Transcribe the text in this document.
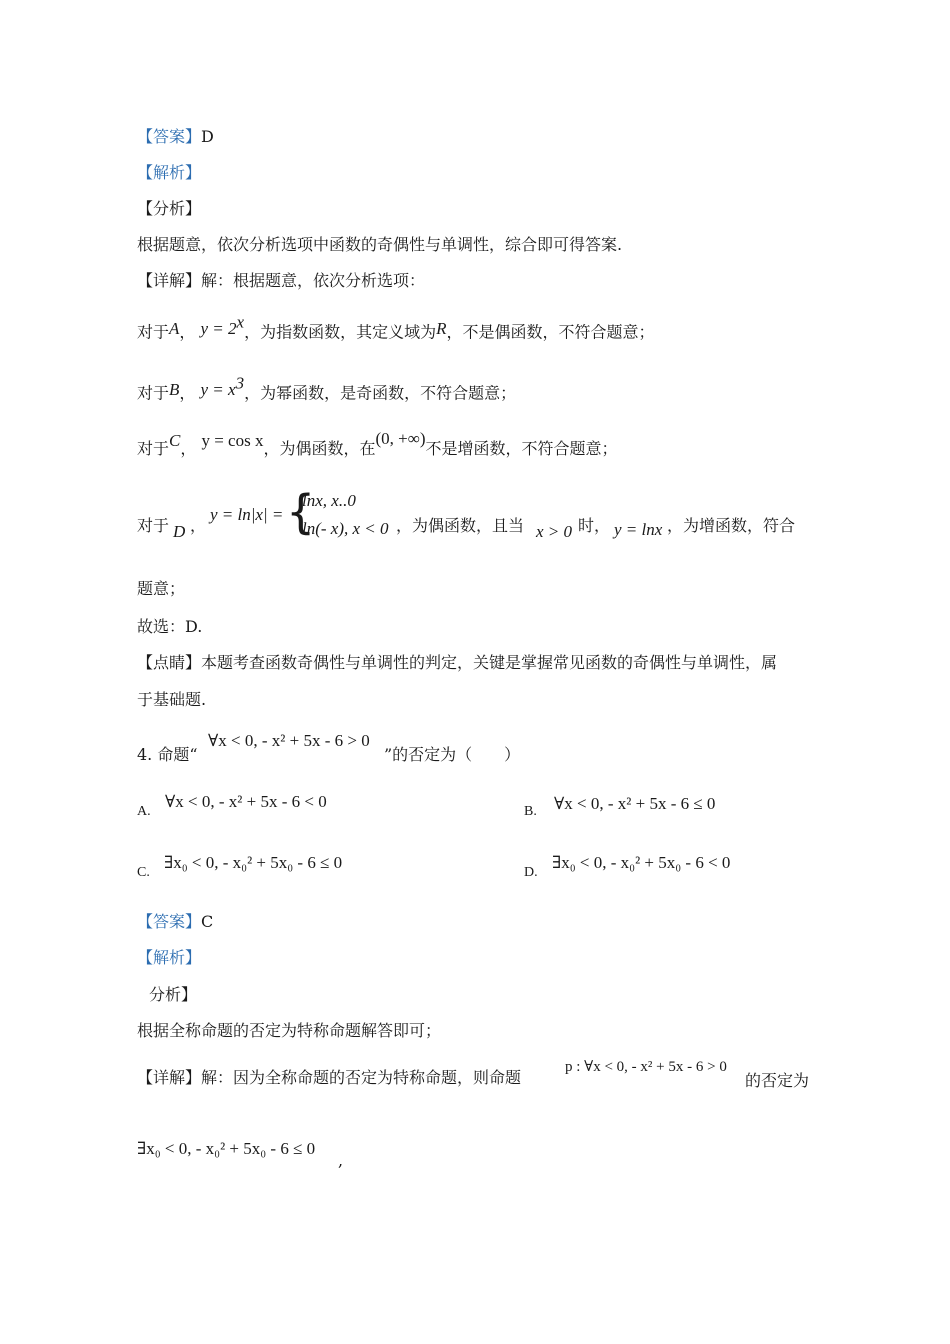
【答案】D
【解析】
【分析】
根据题意，依次分析选项中函数的奇偶性与单调性，综合即可得答案.
【详解】解：根据题意，依次分析选项：
对于A， $y = 2^x$，为指数函数，其定义域为R，不是偶函数，不符合题意；
对于B， $y = x^3$，为幂函数，是奇函数，不符合题意；
对于C， y = cos x，为偶函数，在(0, +∞)不是增函数，不符合题意；
对于 D ，
y = ln|x| = {
lnx, x..0
ln(- x), x < 0 ，为偶函数，且当 x > 0 时， y = lnx ，为增函数，符合
题意；
故选：D.
【点睛】本题考查函数奇偶性与单调性的判定，关键是掌握常见函数的奇偶性与单调性，属
于基础题.
4. 命题“
∀x < 0, - x² + 5x - 6 > 0
”的否定为（　　）
A.
∀x < 0, - x² + 5x - 6 < 0
B. ∀x < 0, - x² + 5x - 6 ≤ 0
C.
∃x₀ < 0, - x₀² + 5x₀ - 6 ≤ 0
D.
∃x₀ < 0, - x₀² + 5x₀ - 6 < 0
【答案】C
【解析】
分析】
根据全称命题的否定为特称命题解答即可；
【详解】解：因为全称命题的否定为特称命题，则命题
p : ∀x < 0, - x² + 5x - 6 > 0
的否定为
∃x₀ < 0, - x₀² + 5x₀ - 6 ≤ 0
,
